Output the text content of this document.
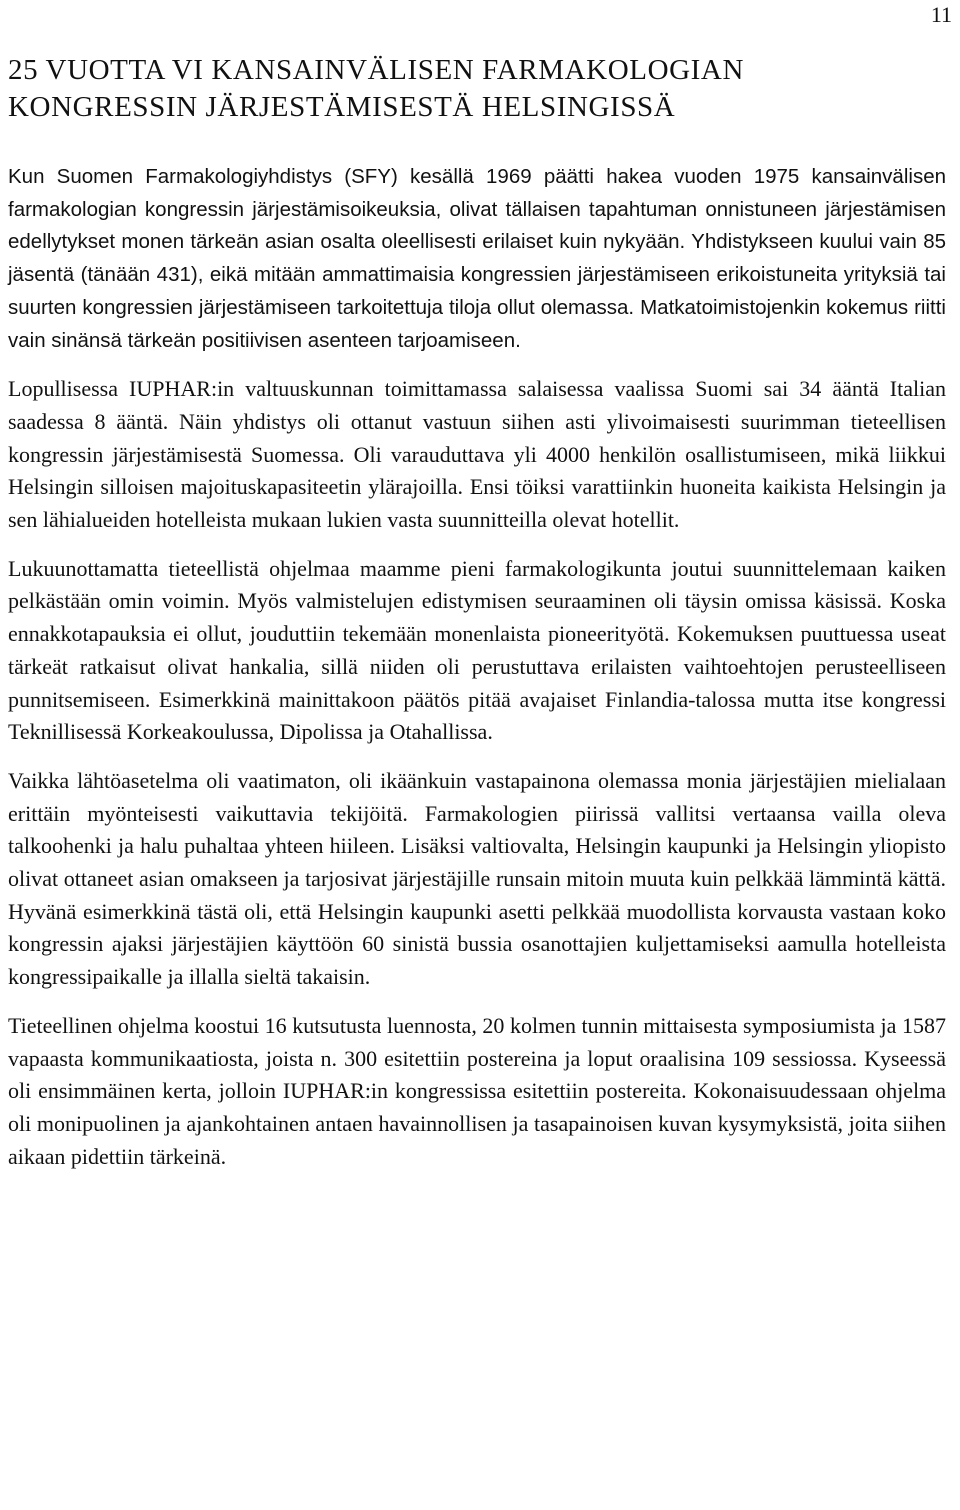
11
25 VUOTTA VI KANSAINVÄLISEN FARMAKOLOGIAN
KONGRESSIN JÄRJESTÄMISESTÄ HELSINGISSÄ

Kun Suomen Farmakologiyhdistys (SFY) kesällä 1969 päätti hakea vuoden 1975 kansainvälisen farmakologian kongressin järjestämisoikeuksia, olivat tällaisen tapahtuman onnistuneen järjestämisen edellytykset monen tärkeän asian osalta oleellisesti erilaiset kuin nykyään. Yhdistykseen kuului vain 85 jäsentä (tänään 431), eikä mitään ammattimaisia kongressien järjestämiseen erikoistuneita yrityksiä tai suurten kongressien järjestämiseen tarkoitettuja tiloja ollut olemassa. Matkatoimistojenkin kokemus riitti vain sinänsä tärkeän positiivisen asenteen tarjoamiseen.

Lopullisessa IUPHAR:in valtuuskunnan toimittamassa salaisessa vaalissa Suomi sai 34 ääntä Italian saadessa 8 ääntä. Näin yhdistys oli ottanut vastuun siihen asti ylivoimaisesti suurimman tieteellisen kongressin järjestämisestä Suomessa. Oli varauduttava yli 4000 henkilön osallistumiseen, mikä liikkui Helsingin silloisen majoituskapasiteetin ylärajoilla. Ensi töiksi varattiinkin huoneita kaikista Helsingin ja sen lähialueiden hotelleista mukaan lukien vasta suunnitteilla olevat hotellit.

Lukuunottamatta tieteellistä ohjelmaa maamme pieni farmakologikunta joutui suunnittelemaan kaiken pelkästään omin voimin. Myös valmistelujen edistymisen seuraaminen oli täysin omissa käsissä. Koska ennakkotapauksia ei ollut, jouduttiin tekemään monenlaista pioneerityötä. Kokemuksen puuttuessa useat tärkeät ratkaisut olivat hankalia, sillä niiden oli perustuttava erilaisten vaihtoehtojen perusteelliseen punnitsemiseen. Esimerkkinä mainittakoon päätös pitää avajaiset Finlandia-talossa mutta itse kongressi Teknillisessä Korkeakoulussa, Dipolissa ja Otahallissa.

Vaikka lähtöasetelma oli vaatimaton, oli ikäänkuin vastapainona olemassa monia järjestäjien mielialaan erittäin myönteisesti vaikuttavia tekijöitä. Farmakologien piirissä vallitsi vertaansa vailla oleva talkoohenki ja halu puhaltaa yhteen hiileen. Lisäksi valtiovalta, Helsingin kaupunki ja Helsingin yliopisto olivat ottaneet asian omakseen ja tarjosivat järjestäjille runsain mitoin muuta kuin pelkkää lämmintä kättä. Hyvänä esimerkkinä tästä oli, että Helsingin kaupunki asetti pelkkää muodollista korvausta vastaan koko kongressin ajaksi järjestäjien käyttöön 60 sinistä bussia osanottajien kuljettamiseksi aamulla hotelleista kongressipaikalle ja illalla sieltä takaisin.

Tieteellinen ohjelma koostui 16 kutsutusta luennosta, 20 kolmen tunnin mittaisesta symposiumista ja 1587 vapaasta kommunikaatiosta, joista n. 300 esitettiin postereina ja loput oraalisina 109 sessiossa. Kyseessä oli ensimmäinen kerta, jolloin IUPHAR:in kongressissa esitettiin postereita. Kokonaisuudessaan ohjelma oli monipuolinen ja ajankohtainen antaen havainnollisen ja tasapainoisen kuvan kysymyksistä, joita siihen aikaan pidettiin tärkeinä.
